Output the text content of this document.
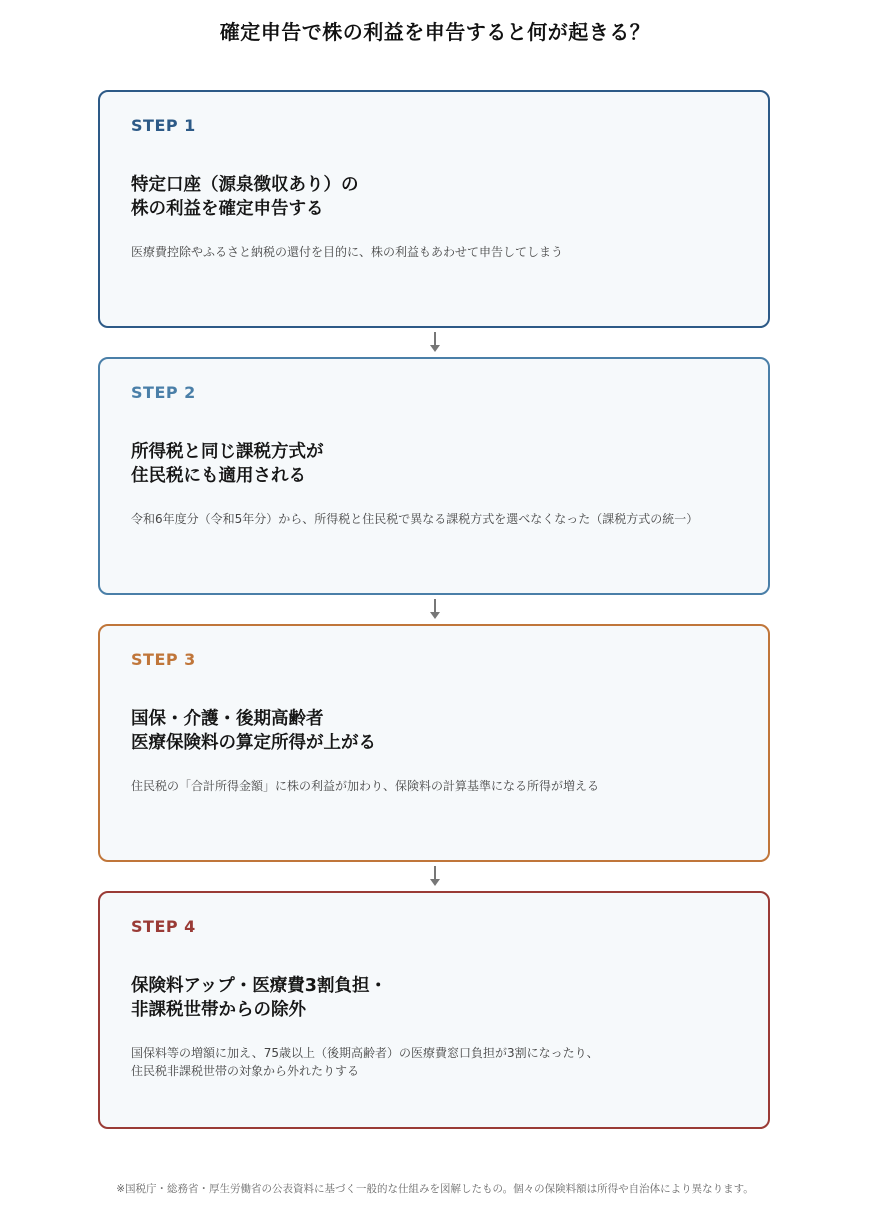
確定申告で株の利益を申告すると何が起きる？
STEP 1
特定口座（源泉徴収あり）の
株の利益を確定申告する
医療費控除やふるさと納税の還付を目的に、株の利益もあわせて申告してしまう
STEP 2
所得税と同じ課税方式が
住民税にも適用される
令和6年度分（令和5年分）から、所得税と住民税で異なる課税方式を選べなくなった（課税方式の統一）
STEP 3
国保・介護・後期高齢者
医療保険料の算定所得が上がる
住民税の「合計所得金額」に株の利益が加わり、保険料の計算基準になる所得が増える
STEP 4
保険料アップ・医療費3割負担・
非課税世帯からの除外
国保料等の増額に加え、75歳以上（後期高齢者）の医療費窓口負担が3割になったり、
住民税非課税世帯の対象から外れたりする
※国税庁・総務省・厚生労働省の公表資料に基づく一般的な仕組みを図解したもの。個々の保険料額は所得や自治体により異なります。
